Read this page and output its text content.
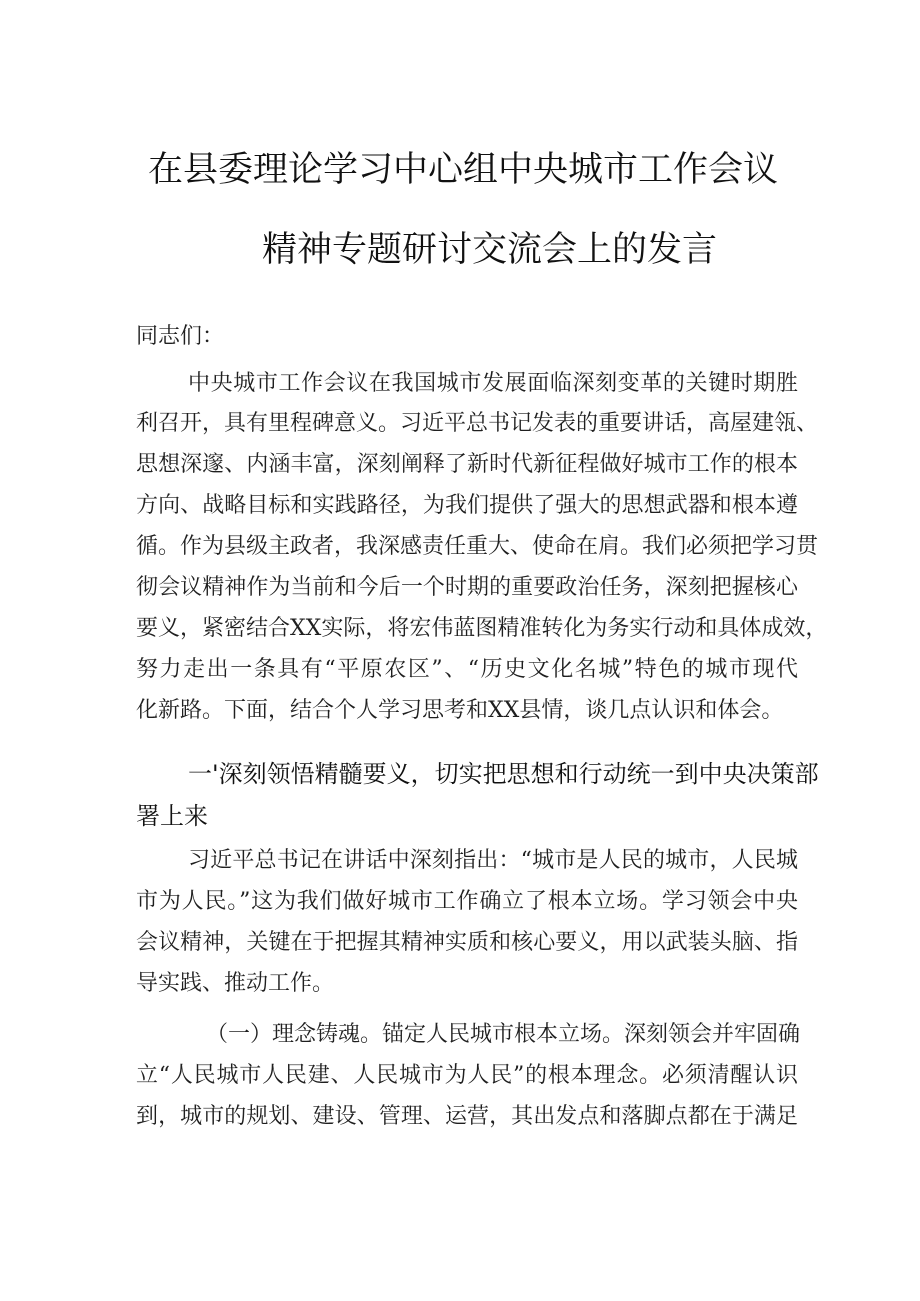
在县委理论学习中心组中央城市工作会议
精神专题研讨交流会上的发言
同志们：
中央城市工作会议在我国城市发展面临深刻变革的关键时期胜
利召开，具有里程碑意义。习近平总书记发表的重要讲话，高屋建瓴、
思想深邃、内涵丰富，深刻阐释了新时代新征程做好城市工作的根本
方向、战略目标和实践路径，为我们提供了强大的思想武器和根本遵
循。作为县级主政者，我深感责任重大、使命在肩。我们必须把学习贯
彻会议精神作为当前和今后一个时期的重要政治任务，深刻把握核心
要义，紧密结合XX实际，将宏伟蓝图精准转化为务实行动和具体成效，
努力走出一条具有“平原农区”、“历史文化名城”特色的城市现代
化新路。下面，结合个人学习思考和XX县情，谈几点认识和体会。
一'深刻领悟精髓要义，切实把思想和行动统一到中央决策部
署上来
习近平总书记在讲话中深刻指出：“城市是人民的城市，人民城
市为人民。”这为我们做好城市工作确立了根本立场。学习领会中央
会议精神，关键在于把握其精神实质和核心要义，用以武装头脑、指
导实践、推动工作。
（一）理念铸魂。锚定人民城市根本立场。深刻领会并牢固确
立“人民城市人民建、人民城市为人民”的根本理念。必须清醒认识
到，城市的规划、建设、管理、运营，其出发点和落脚点都在于满足
